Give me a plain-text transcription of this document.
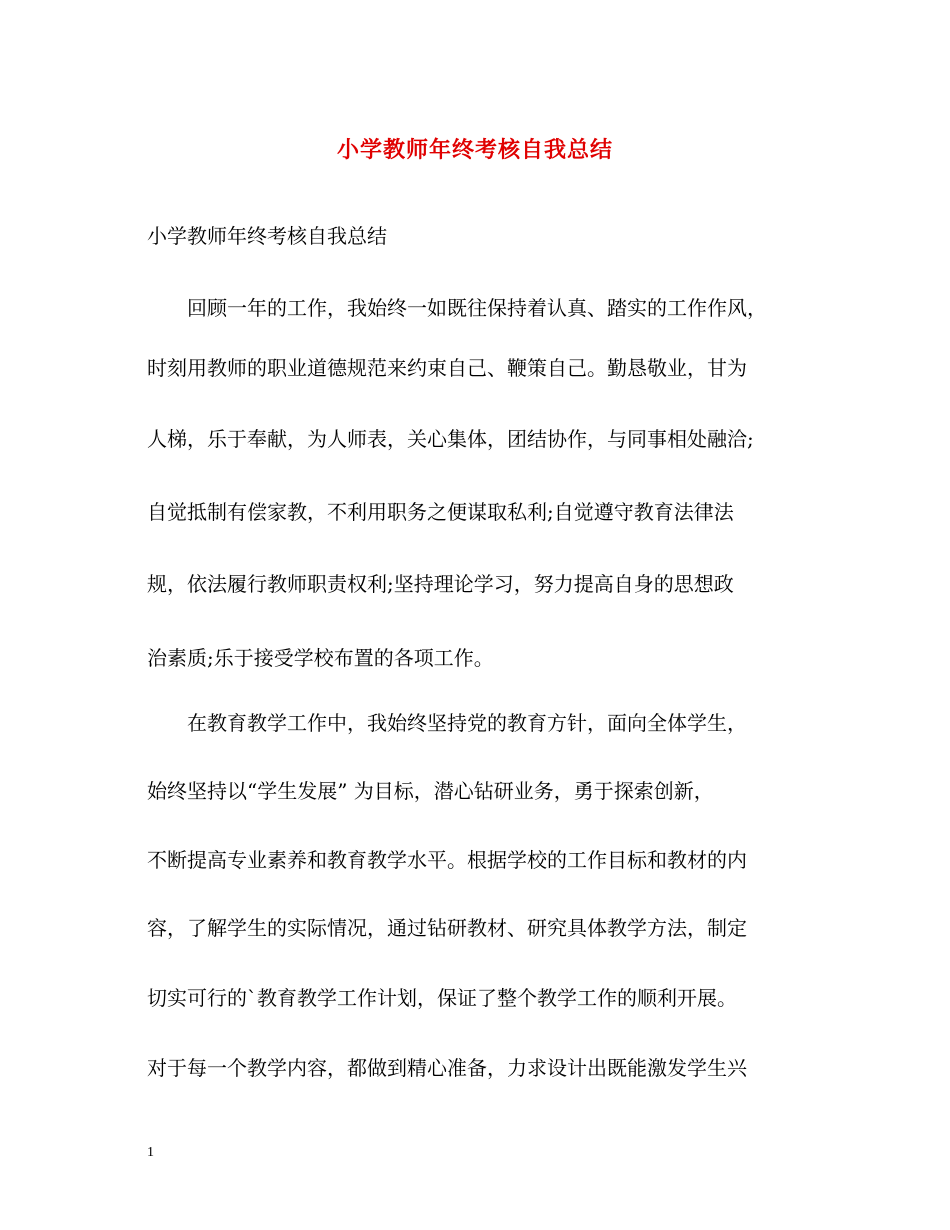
小学教师年终考核自我总结
小学教师年终考核自我总结
回顾一年的工作，我始终一如既往保持着认真、踏实的工作作风，
时刻用教师的职业道德规范来约束自己、鞭策自己。勤恳敬业，甘为
人梯，乐于奉献，为人师表，关心集体，团结协作，与同事相处融洽;
自觉抵制有偿家教，不利用职务之便谋取私利;自觉遵守教育法律法
规，依法履行教师职责权利;坚持理论学习，努力提高自身的思想政
治素质;乐于接受学校布置的各项工作。
在教育教学工作中，我始终坚持党的教育方针，面向全体学生，
始终坚持以“学生发展” 为目标，潜心钻研业务，勇于探索创新，
不断提高专业素养和教育教学水平。根据学校的工作目标和教材的内
容，了解学生的实际情况，通过钻研教材、研究具体教学方法，制定
切实可行的`教育教学工作计划，保证了整个教学工作的顺利开展。
对于每一个教学内容，都做到精心准备，力求设计出既能激发学生兴
1
